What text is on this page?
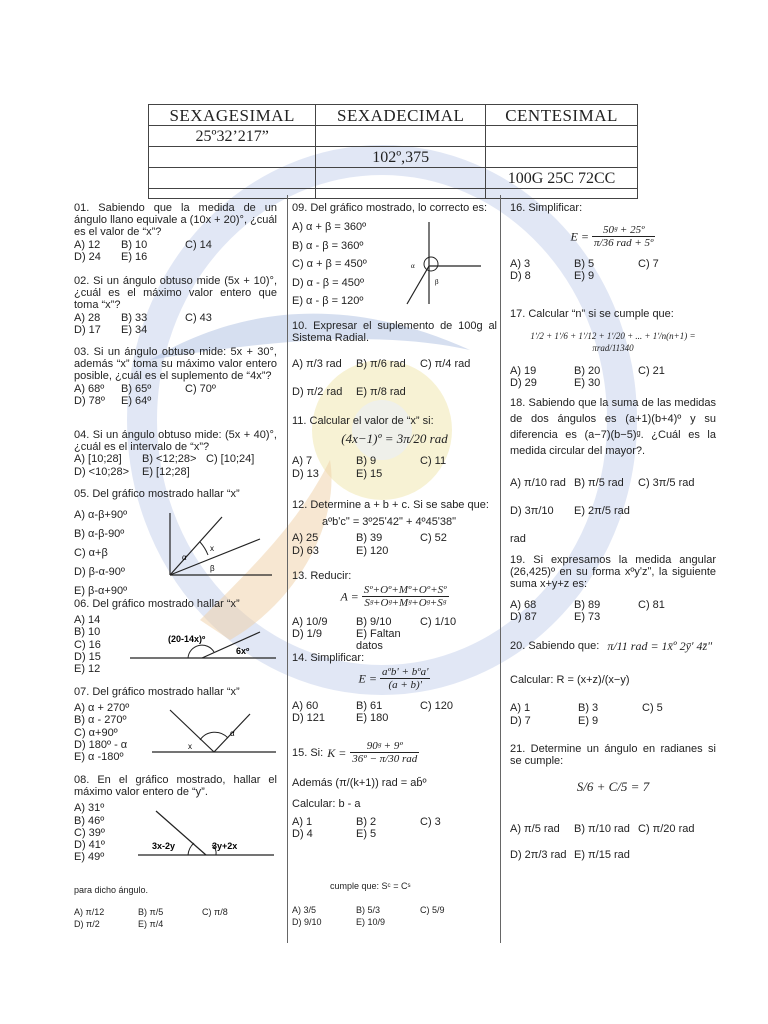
SEXAGESIMAL	SEXADECIMAL	CENTESIMAL
25º32’217”		
	102º,375	
		100G 25C 72CC

01. Sabiendo que la medida de un ángulo llano equivale a (10x + 20)°, ¿cuál es el valor de “x”?
A) 12	B) 10	C) 14
D) 24	E) 16
02. Si un ángulo obtuso mide (5x + 10)°, ¿cuál es el máximo valor entero que toma “x”?
A) 28	B) 33	C) 43
D) 17	E) 34
03. Si un ángulo obtuso mide: 5x + 30°, además “x” toma su máximo valor entero posible, ¿cuál es el suplemento de “4x”?
A) 68º	B) 65º	C) 70º
D) 78º	E) 64º
04. Si un ángulo obtuso mide: (5x + 40)°, ¿cuál es el intervalo de “x”?
A) [10;28]	B) <12;28> C) [10;24]
D) <10;28>	E) [12;28]
05. Del gráfico mostrado hallar “x”
A) α-β+90º
B) α-β-90º
C) α+β
D) β-α-90º
E) β-α+90º
06. Del gráfico mostrado hallar “x”
A) 14
B) 10
C) 16
D) 15
E) 12
07. Del gráfico mostrado hallar “x”
A) α + 270º
B) α - 270º
C) α+90º
D) 180º - α
E) α -180º
08. En el gráfico mostrado, hallar el máximo valor entero de “y”.
A) 31º
B) 46º
C) 39º
D) 41º
E) 49º
para dicho ángulo.
A) π/12	B) π/5	C) π/8
D) π/2	E) π/4
x
α
β
(20-14x)º
6xº
x
α
3x-2y	3y+2x
09. Del gráfico mostrado, lo correcto es:
A) α + β = 360º
B) α - β = 360º
C) α + β = 450º
D) α - β = 450º
E) α - β = 120º
10. Expresar el suplemento de 100g al Sistema Radial.
A) π/3 rad	B) π/6 rad	C) π/4 rad
D) π/2 rad	E) π/8 rad
11. Calcular el valor de “x” si:
(4x−1)º = 3π/20 rad
A) 7	B) 9	C) 11
D) 13	E) 15
12. Determine a + b + c. Si se sabe que:
aºbʹcʺ = 3º25ʹ42ʺ + 4º45ʹ38ʺ
A) 25	B) 39	C) 52
D) 63	E) 120
13. Reducir:
$A = \frac{\text{Sº+Oº+Mº+Oº+Sº}}{\text{Sᵍ+Oᵍ+Mᵍ+Oᵍ+Sᵍ}}$
A) 10/9	B) 9/10	C) 1/10
D) 1/9	E) Faltan datos
14. Simplificar:
$E = \frac{\text{aºbʹ + bºaʹ}}{\text{(a + b)ʹ}}$
A) 60	B) 61	C) 120
D) 121	E) 180
15. Si: $K = \frac{\text{90ᵍ + 9º}}{\text{36º − π/30 rad}}$
Además (π/(k+1)) rad = ab̄º
Calcular: b - a
A) 1	B) 2	C) 3
D) 4	E) 5
cumple que: Sᶜ = Cˢ
A) 3/5	B) 5/3	C) 5/9
D) 9/10	E) 10/9
α
β
16. Simplificar:
$E = \frac{\text{50ᵍ + 25º}}{\text{π/36 rad + 5º}}$
A) 3	B) 5	C) 7
D) 8	E) 9
17. Calcular “n” si se cumple que:
1ʹ/2 + 1ʹ/6 + 1ʹ/12 + 1ʹ/20 + ... + 1ʹ/n(n+1) = πrad/11340
A) 19	B) 20	C) 21
D) 29	E) 30
18. Sabiendo que la suma de las medidas de dos ángulos es (a+1)(b+4)º y su diferencia es (a−7)(b−5)ᵍ. ¿Cuál es la medida circular del mayor?.
A) π/10 rad B) π/5 rad	C) 3π/5 rad
D) 3π/10 rad
E) 2π/5 rad
19. Si expresamos la medida angular (26,425)º en su forma xºyʹzʺ, la siguiente suma x+y+z es:
A) 68	B) 89	C) 81
D) 87	E) 73
20. Sabiendo que: π/11 rad = 1x̄º 2ȳʹ 4z̄ʺ
Calcular: R = (x+z)/(x−y)
A) 1	B) 3	C) 5
D) 7	E) 9
21. Determine un ángulo en radianes si se cumple:
S/6 + C/5 = 7
A) π/5 rad	B) π/10 rad C) π/20 rad
D) 2π/3 rad E) π/15 rad
